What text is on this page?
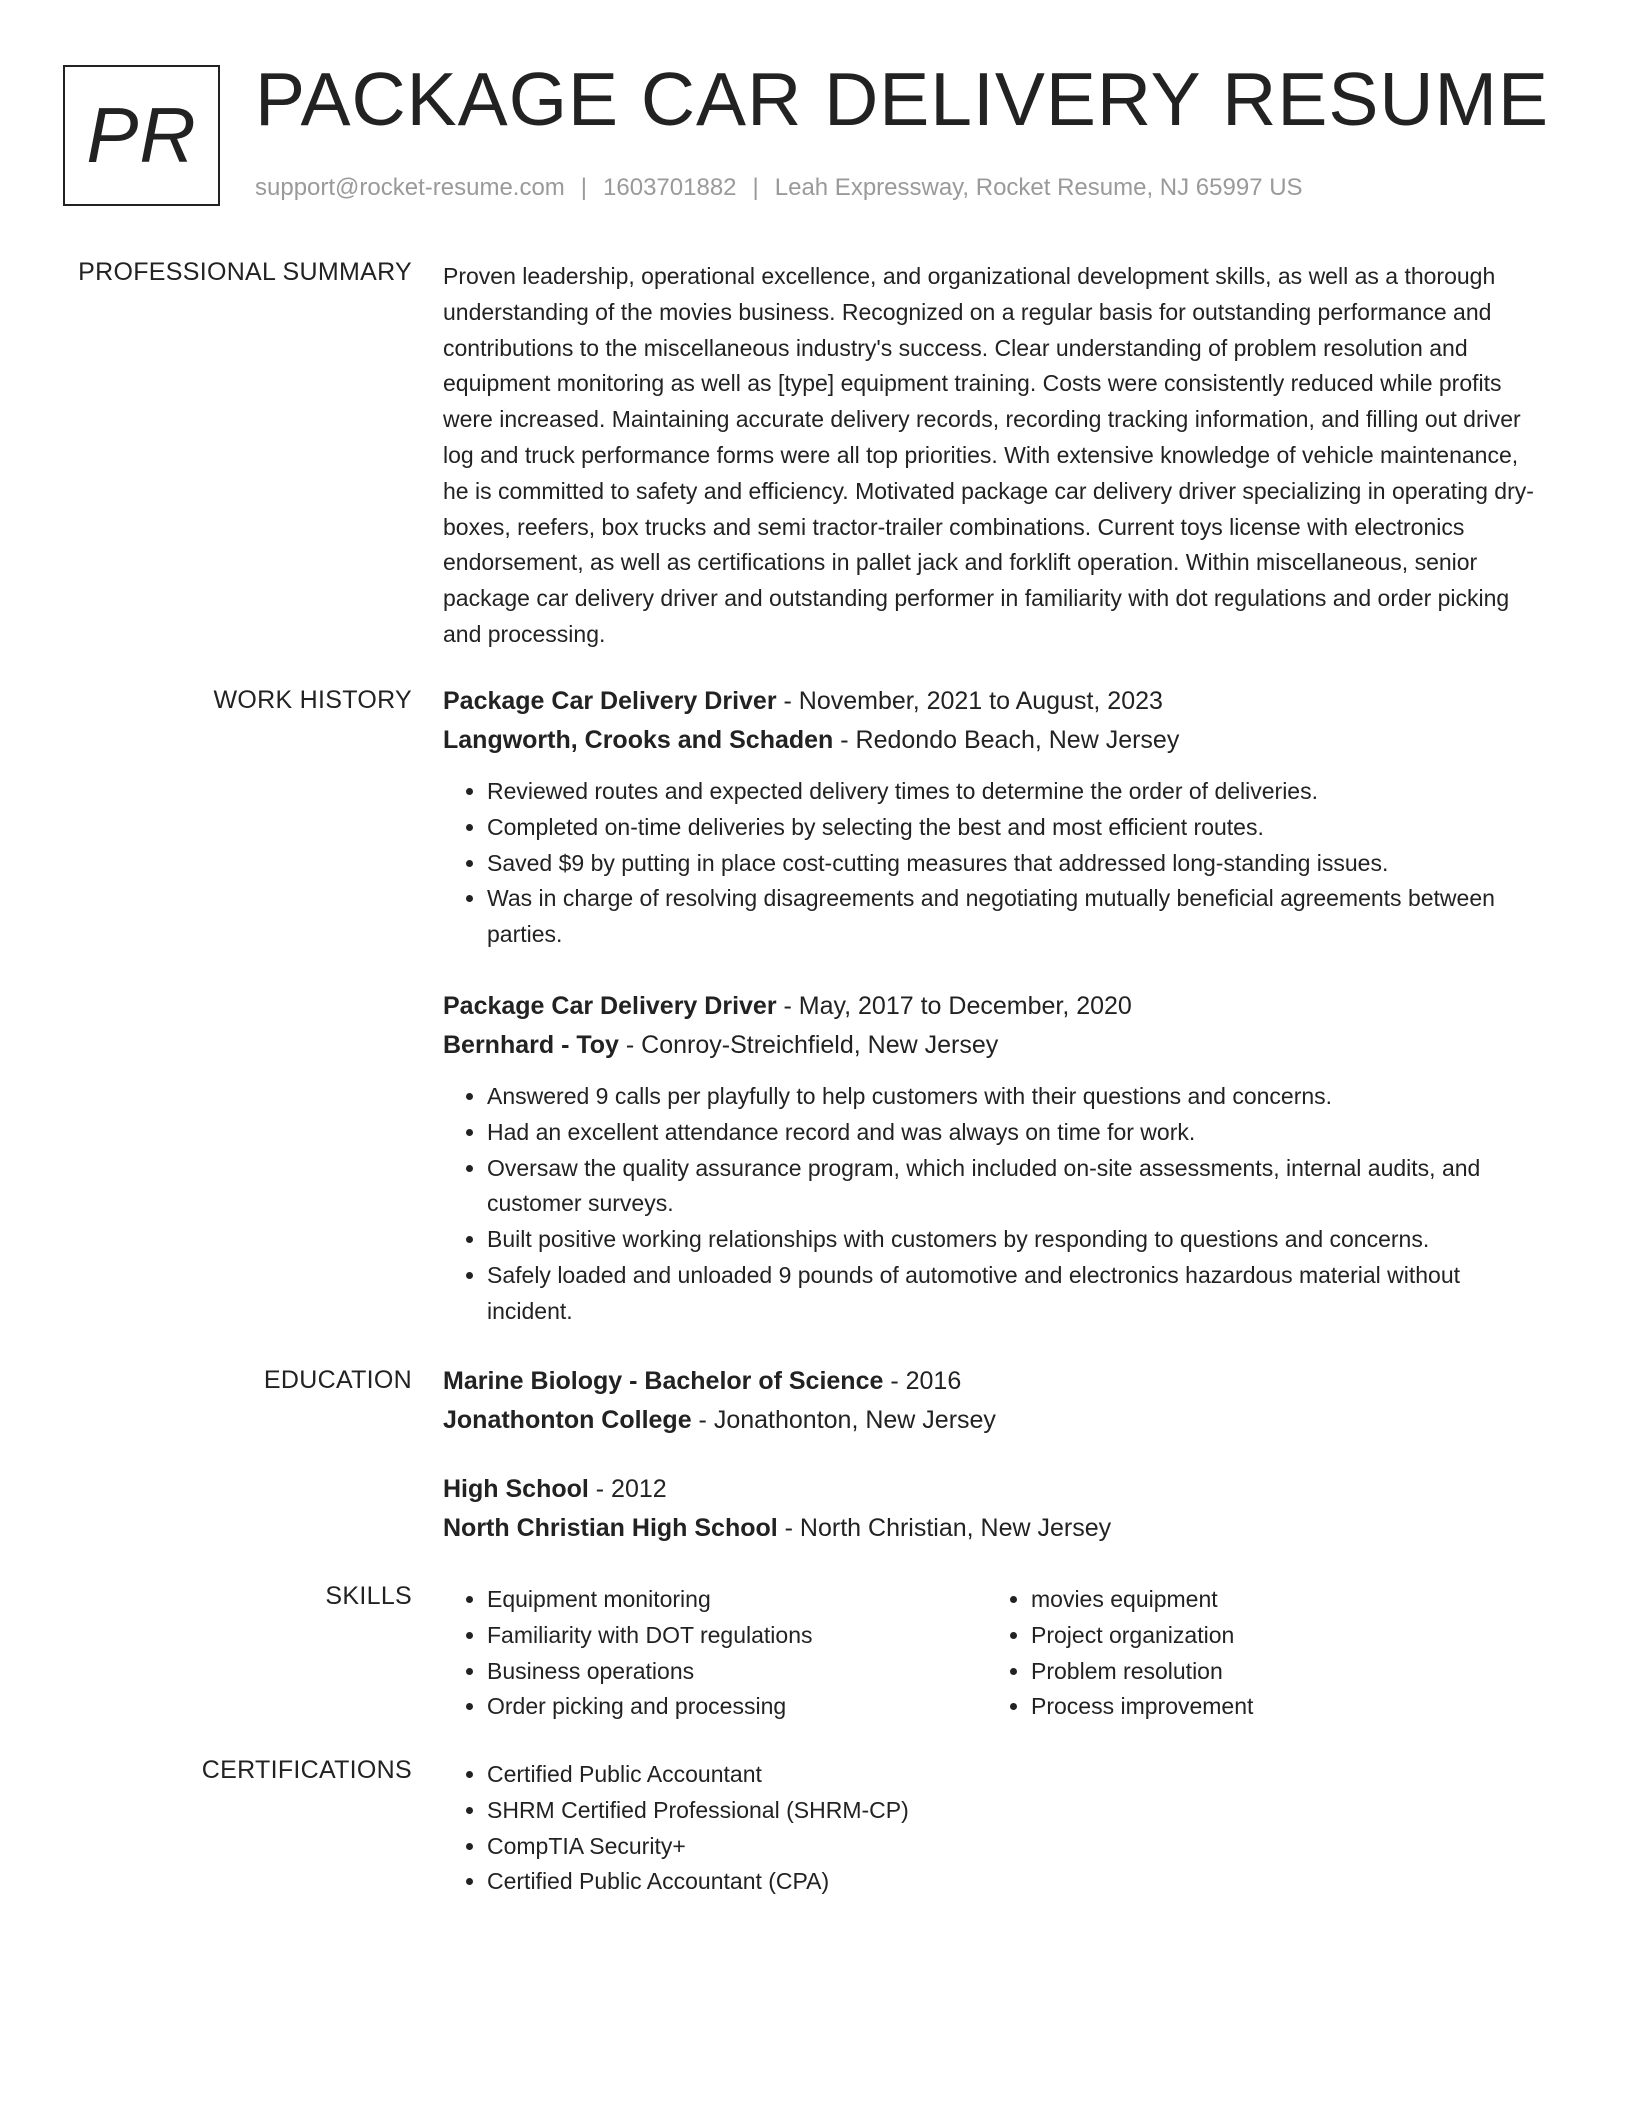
PR PACKAGE CAR DELIVERY RESUME
support@rocket-resume.com | 1603701882 | Leah Expressway, Rocket Resume, NJ 65997 US
PROFESSIONAL SUMMARY Proven leadership, operational excellence, and organizational development skills, as well as a thorough understanding of the movies business. Recognized on a regular basis for outstanding performance and contributions to the miscellaneous industry's success. Clear understanding of problem resolution and equipment monitoring as well as [type] equipment training. Costs were consistently reduced while profits were increased. Maintaining accurate delivery records, recording tracking information, and filling out driver log and truck performance forms were all top priorities. With extensive knowledge of vehicle maintenance, he is committed to safety and efficiency. Motivated package car delivery driver specializing in operating dry-boxes, reefers, box trucks and semi tractor-trailer combinations. Current toys license with electronics endorsement, as well as certifications in pallet jack and forklift operation. Within miscellaneous, senior package car delivery driver and outstanding performer in familiarity with dot regulations and order picking and processing.

WORK HISTORY Package Car Delivery Driver - November, 2021 to August, 2023

Langworth, Crooks and Schaden - Redondo Beach, New Jersey

• Reviewed routes and expected delivery times to determine the order of deliveries.
• Completed on-time deliveries by selecting the best and most efficient routes.
• Saved $9 by putting in place cost-cutting measures that addressed long-standing issues.
• Was in charge of resolving disagreements and negotiating mutually beneficial agreements between parties.

Package Car Delivery Driver - May, 2017 to December, 2020

Bernhard - Toy - Conroy-Streichfield, New Jersey

• Answered 9 calls per playfully to help customers with their questions and concerns.
• Had an excellent attendance record and was always on time for work.
• Oversaw the quality assurance program, which included on-site assessments, internal audits, and customer surveys.
• Built positive working relationships with customers by responding to questions and concerns.
• Safely loaded and unloaded 9 pounds of automotive and electronics hazardous material without incident.
EDUCATION Marine Biology - Bachelor of Science - 2016

Jonathonton College - Jonathonton, New Jersey

High School - 2012

North Christian High School - North Christian, New Jersey

SKILLS	• Equipment monitoring
• Familiarity with DOT regulations
• Business operations
• Order picking and processing
• movies equipment
• Project organization
• Problem resolution
• Process improvement
CERTIFICATIONS	• Certified Public Accountant
• SHRM Certified Professional (SHRM-CP)
• CompTIA Security+
• Certified Public Accountant (CPA)
